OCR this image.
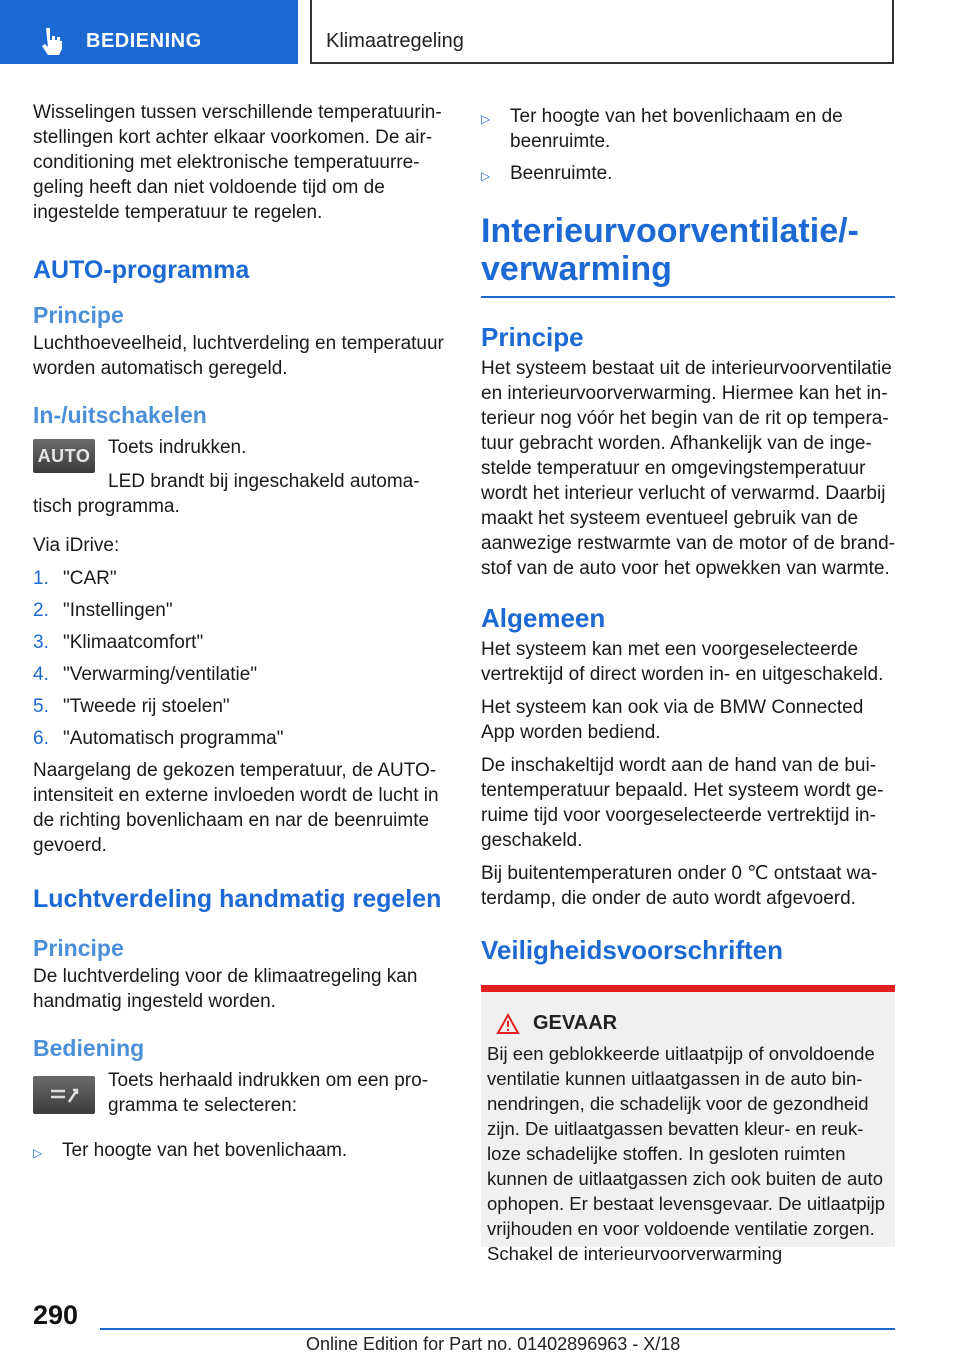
BEDIENING	Klimaatregeling

Wisselingen tussen verschillende temperatuurinstellingen kort achter elkaar voorkomen. De airconditioning met elektronische temperatuurregeling heeft dan niet voldoende tijd om de ingestelde temperatuur te regelen.

AUTO-programma
Principe

Luchthoeveelheid, luchtverdeling en temperatuur worden automatisch geregeld.

In-/uitschakelen
AUTO Toets indrukken.

LED brandt bij ingeschakeld automatisch programma.

Via iDrive:

1. "CAR"
2. "Instellingen"
3. "Klimaatcomfort"
4. "Verwarming/ventilatie"
5. "Tweede rij stoelen"
6. "Automatisch programma"

Naargelang de gekozen temperatuur, de AUTO-intensiteit en externe invloeden wordt de lucht in de richting bovenlichaam en nar de beenruimte gevoerd.

Luchtverdeling handmatig regelen
Principe

De luchtverdeling voor de klimaatregeling kan handmatig ingesteld worden.

Bediening

Toets herhaald indrukken om een programma te selecteren:

▷ Ter hoogte van het bovenlichaam.
▷ Ter hoogte van het bovenlichaam en de beenruimte.
▷ Beenruimte.
Interieurvoorventilatie/-verwarming
Principe

Het systeem bestaat uit de interieurvoorventilatie en interieurvoorverwarming. Hiermee kan het interieur nog vóór het begin van de rit op temperatuur gebracht worden. Afhankelijk van de ingestelde temperatuur en omgevingstemperatuur wordt het interieur verlucht of verwarmd. Daarbij maakt het systeem eventueel gebruik van de aanwezige restwarmte van de motor of de brandstof van de auto voor het opwekken van warmte.

Algemeen

Het systeem kan met een voorgeselecteerde vertrektijd of direct worden in- en uitgeschakeld.

Het systeem kan ook via de BMW Connected App worden bediend.

De inschakeltijd wordt aan de hand van de buitentemperatuur bepaald. Het systeem wordt geruime tijd voor voorgeselecteerde vertrektijd ingeschakeld.

Bij buitentemperaturen onder 0 ℃ ontstaat waterdamp, die onder de auto wordt afgevoerd.

Veiligheidsvoorschriften
GEVAAR

Bij een geblokkeerde uitlaatpijp of onvoldoende ventilatie kunnen uitlaatgassen in de auto binnendringen, die schadelijk voor de gezondheid zijn. De uitlaatgassen bevatten kleur- en reukloze schadelijke stoffen. In gesloten ruimten kunnen de uitlaatgassen zich ook buiten de auto ophopen. Er bestaat levensgevaar. De uitlaatpijp vrijhouden en voor voldoende ventilatie zorgen. Schakel de interieurvoorverwarming

290
Online Edition for Part no. 01402896963 - X/18
